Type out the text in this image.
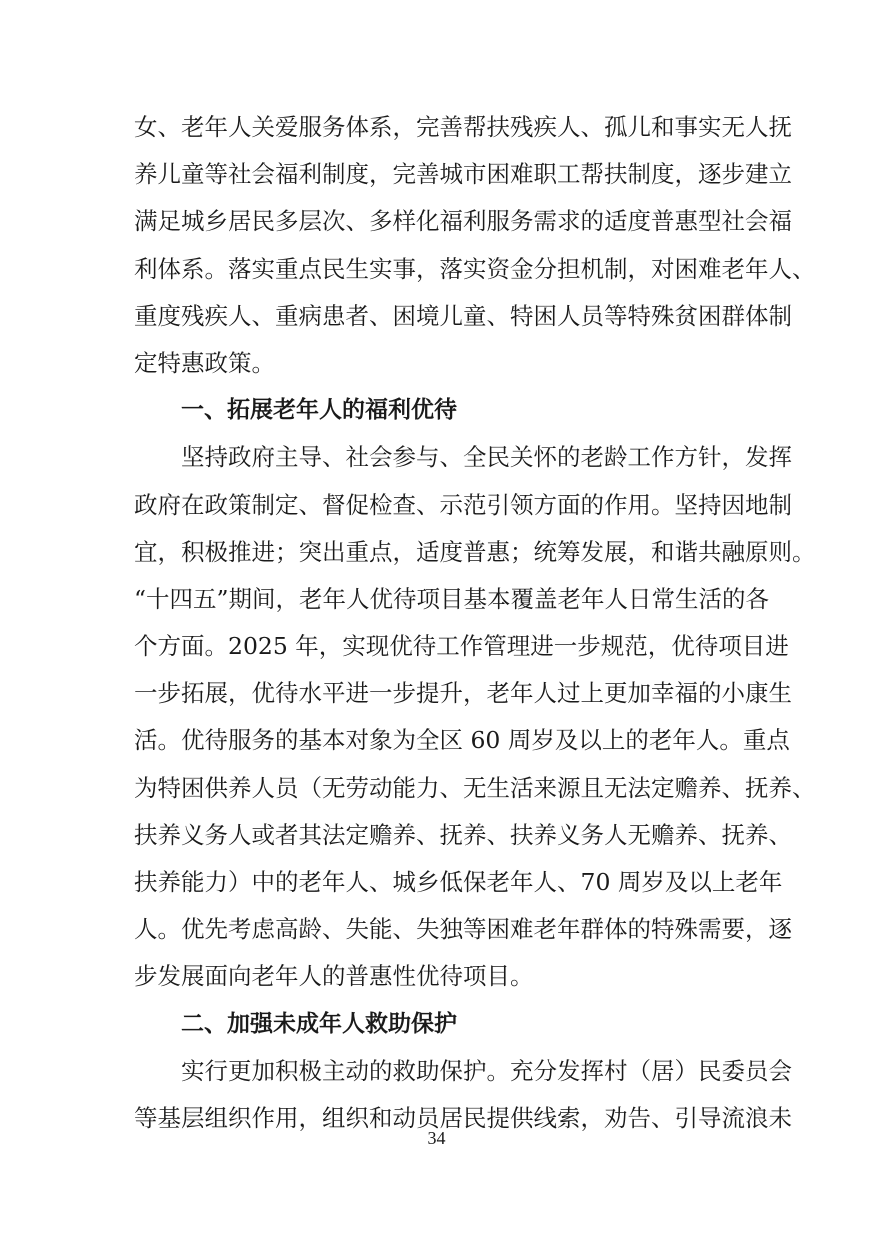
女、老年人关爱服务体系，完善帮扶残疾人、孤儿和事实无人抚
养儿童等社会福利制度，完善城市困难职工帮扶制度，逐步建立
满足城乡居民多层次、多样化福利服务需求的适度普惠型社会福
利体系。落实重点民生实事，落实资金分担机制，对困难老年人、
重度残疾人、重病患者、困境儿童、特困人员等特殊贫困群体制
定特惠政策。
一、拓展老年人的福利优待
坚持政府主导、社会参与、全民关怀的老龄工作方针，发挥
政府在政策制定、督促检查、示范引领方面的作用。坚持因地制
宜，积极推进；突出重点，适度普惠；统筹发展，和谐共融原则。
“十四五”期间，老年人优待项目基本覆盖老年人日常生活的各
个方面。2025 年，实现优待工作管理进一步规范，优待项目进
一步拓展，优待水平进一步提升，老年人过上更加幸福的小康生
活。优待服务的基本对象为全区 60 周岁及以上的老年人。重点
为特困供养人员（无劳动能力、无生活来源且无法定赡养、抚养、
扶养义务人或者其法定赡养、抚养、扶养义务人无赡养、抚养、
扶养能力）中的老年人、城乡低保老年人、70 周岁及以上老年
人。优先考虑高龄、失能、失独等困难老年群体的特殊需要，逐
步发展面向老年人的普惠性优待项目。
二、加强未成年人救助保护
实行更加积极主动的救助保护。充分发挥村（居）民委员会
等基层组织作用，组织和动员居民提供线索，劝告、引导流浪未
34
